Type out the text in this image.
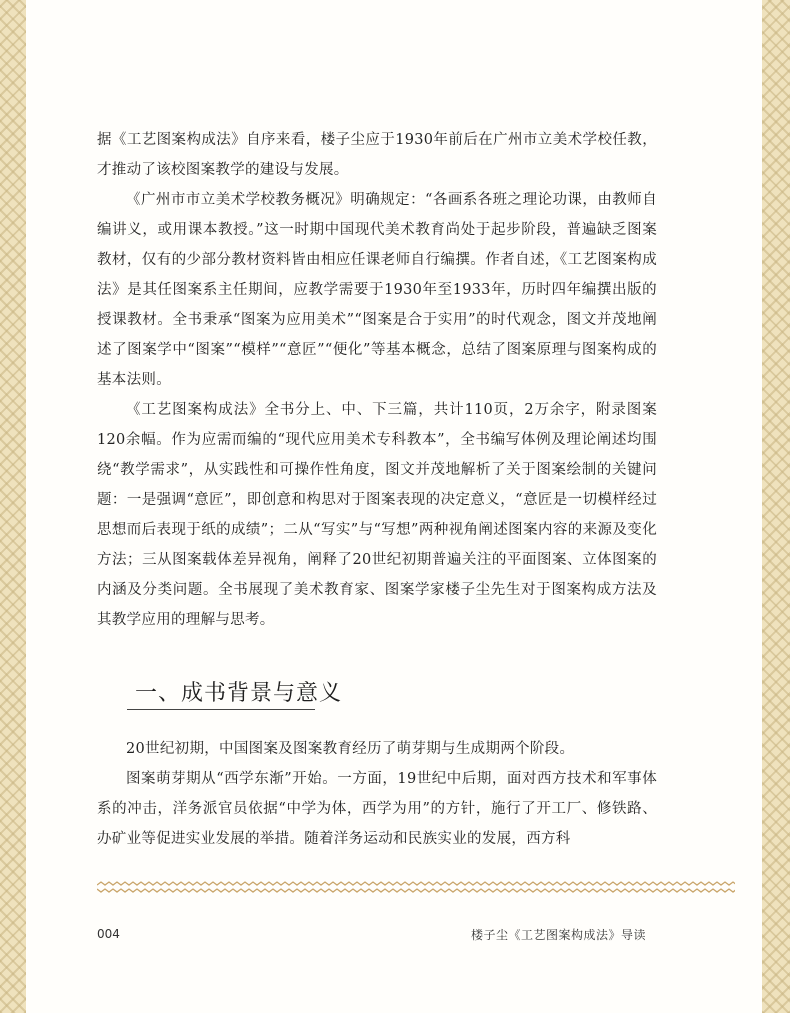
据《工艺图案构成法》自序来看，楼子尘应于1930年前后在广州市立美术学校任教，才推动了该校图案教学的建设与发展。

《广州市市立美术学校教务概况》明确规定：“各画系各班之理论功课，由教师自编讲义，或用课本教授。”这一时期中国现代美术教育尚处于起步阶段，普遍缺乏图案教材，仅有的少部分教材资料皆由相应任课老师自行编撰。作者自述，《工艺图案构成法》是其任图案系主任期间，应教学需要于1930年至1933年，历时四年编撰出版的授课教材。全书秉承“图案为应用美术”“图案是合于实用”的时代观念，图文并茂地阐述了图案学中“图案”“模样”“意匠”“便化”等基本概念，总结了图案原理与图案构成的基本法则。

《工艺图案构成法》全书分上、中、下三篇，共计110页，2万余字，附录图案120余幅。作为应需而编的“现代应用美术专科教本”，全书编写体例及理论阐述均围绕“教学需求”，从实践性和可操作性角度，图文并茂地解析了关于图案绘制的关键问题：一是强调“意匠”，即创意和构思对于图案表现的决定意义，“意匠是一切模样经过思想而后表现于纸的成绩”；二从“写实”与“写想”两种视角阐述图案内容的来源及变化方法；三从图案载体差异视角，阐释了20世纪初期普遍关注的平面图案、立体图案的内涵及分类问题。全书展现了美术教育家、图案学家楼子尘先生对于图案构成方法及其教学应用的理解与思考。

一、成书背景与意义

20世纪初期，中国图案及图案教育经历了萌芽期与生成期两个阶段。

图案萌芽期从“西学东渐”开始。一方面，19世纪中后期，面对西方技术和军事体系的冲击，洋务派官员依据“中学为体，西学为用”的方针，施行了开工厂、修铁路、办矿业等促进实业发展的举措。随着洋务运动和民族实业的发展，西方科

004	楼子尘《工艺图案构成法》导读
